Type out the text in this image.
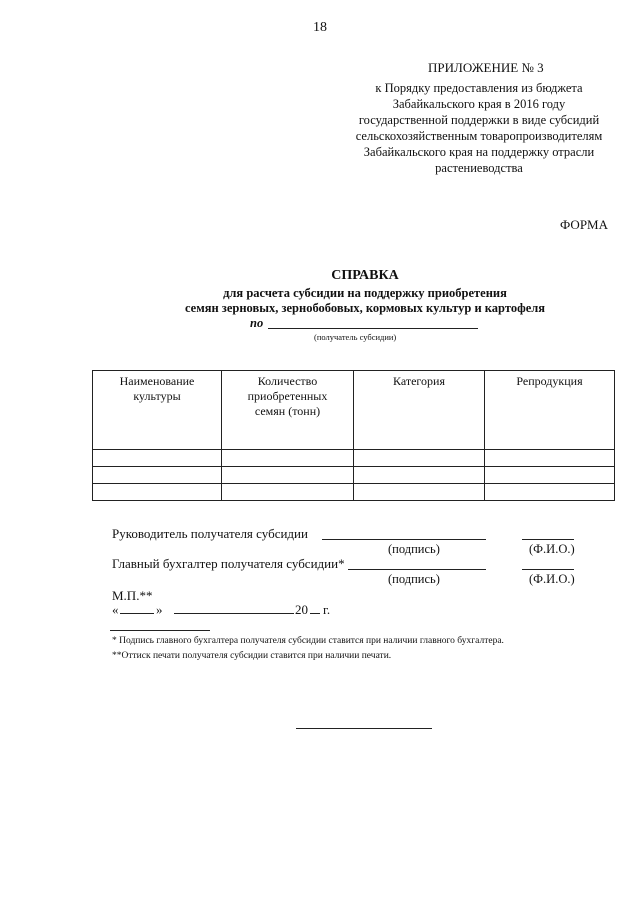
18
ПРИЛОЖЕНИЕ № 3
к Порядку предоставления из бюджета
Забайкальского края в 2016 году
государственной поддержки в виде субсидий
сельскохозяйственным товаропроизводителям
Забайкальского края на поддержку отрасли
растениеводства
ФОРМА
СПРАВКА
для расчета субсидии на поддержку приобретения
семян зерновых, зернобобовых, кормовых культур и картофеля
по
(получатель субсидии)
Наименование культуры	Количество приобретенных семян (тонн)	Категория	Репродукция

Руководитель получателя субсидии
(подпись)	(Ф.И.О.)
Главный бухгалтер получателя субсидии*
(подпись)	(Ф.И.О.)
М.П.**
«	»	20 г.
* Подпись главного бухгалтера получателя субсидии ставится при наличии главного бухгалтера.
**Оттиск печати получателя субсидии ставится при наличии печати.
